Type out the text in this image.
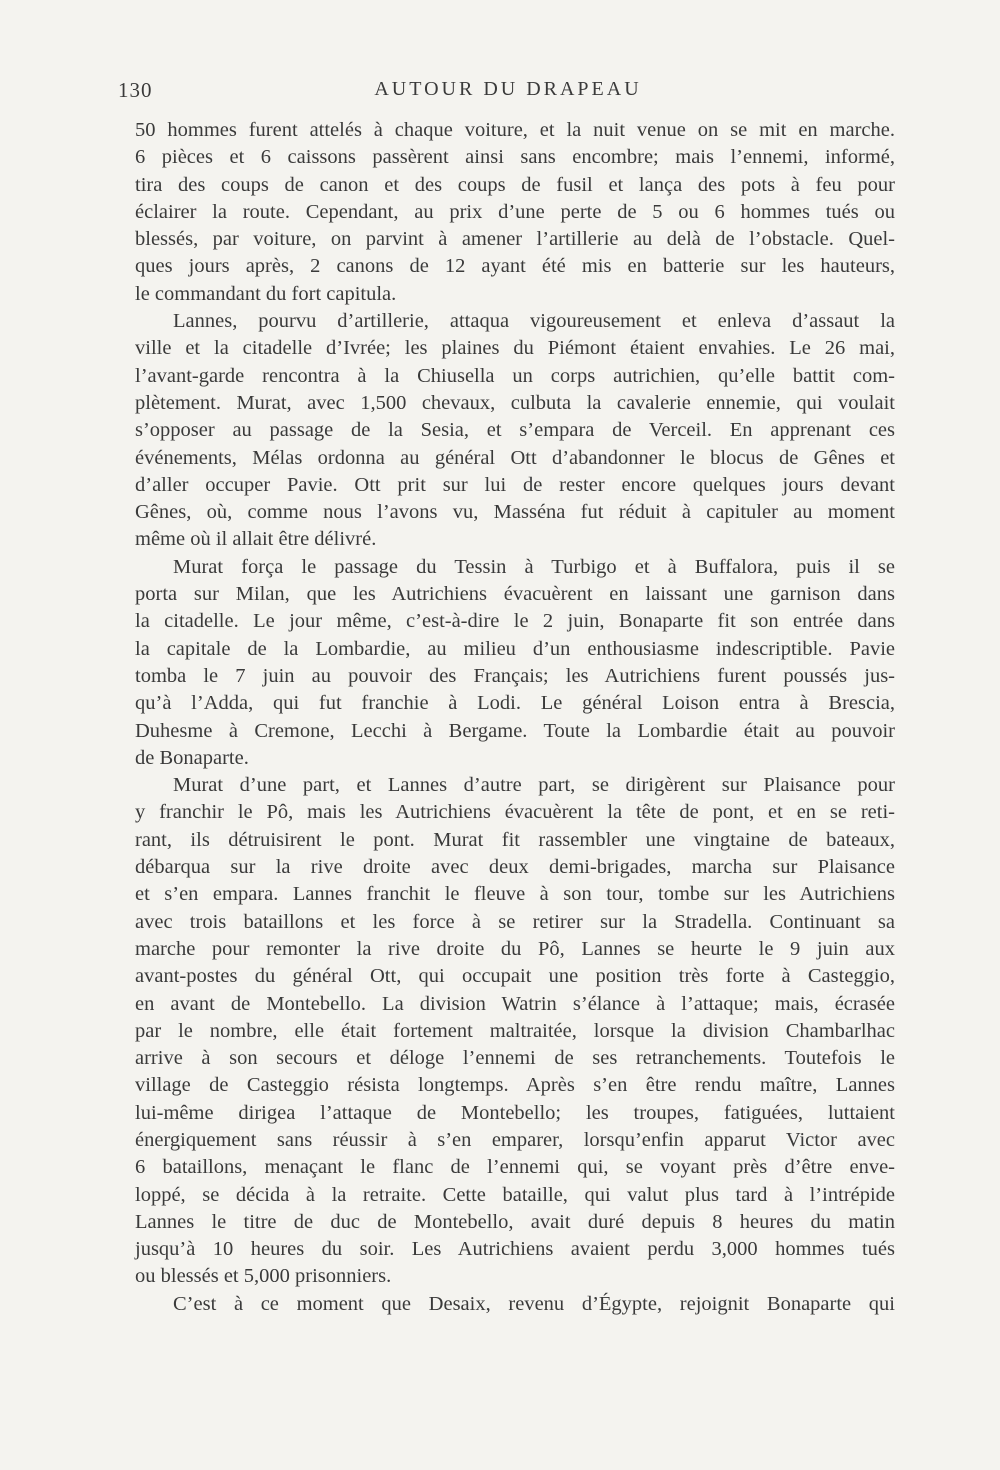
130	AUTOUR DU DRAPEAU
50 hommes furent attelés à chaque voiture, et la nuit venue on se mit en marche.
6 pièces et 6 caissons passèrent ainsi sans encombre; mais l’ennemi, informé,
tira des coups de canon et des coups de fusil et lança des pots à feu pour
éclairer la route. Cependant, au prix d’une perte de 5 ou 6 hommes tués ou
blessés, par voiture, on parvint à amener l’artillerie au delà de l’obstacle. Quel-
ques jours après, 2 canons de 12 ayant été mis en batterie sur les hauteurs,
le commandant du fort capitula.
Lannes, pourvu d’artillerie, attaqua vigoureusement et enleva d’assaut la
ville et la citadelle d’Ivrée; les plaines du Piémont étaient envahies. Le 26 mai,
l’avant-garde rencontra à la Chiusella un corps autrichien, qu’elle battit com-
plètement. Murat, avec 1,500 chevaux, culbuta la cavalerie ennemie, qui voulait
s’opposer au passage de la Sesia, et s’empara de Verceil. En apprenant ces
événements, Mélas ordonna au général Ott d’abandonner le blocus de Gênes et
d’aller occuper Pavie. Ott prit sur lui de rester encore quelques jours devant
Gênes, où, comme nous l’avons vu, Masséna fut réduit à capituler au moment
même où il allait être délivré.
Murat força le passage du Tessin à Turbigo et à Buffalora, puis il se
porta sur Milan, que les Autrichiens évacuèrent en laissant une garnison dans
la citadelle. Le jour même, c’est-à-dire le 2 juin, Bonaparte fit son entrée dans
la capitale de la Lombardie, au milieu d’un enthousiasme indescriptible. Pavie
tomba le 7 juin au pouvoir des Français; les Autrichiens furent poussés jus-
qu’à l’Adda, qui fut franchie à Lodi. Le général Loison entra à Brescia,
Duhesme à Cremone, Lecchi à Bergame. Toute la Lombardie était au pouvoir
de Bonaparte.
Murat d’une part, et Lannes d’autre part, se dirigèrent sur Plaisance pour
y franchir le Pô, mais les Autrichiens évacuèrent la tête de pont, et en se reti-
rant, ils détruisirent le pont. Murat fit rassembler une vingtaine de bateaux,
débarqua sur la rive droite avec deux demi-brigades, marcha sur Plaisance
et s’en empara. Lannes franchit le fleuve à son tour, tombe sur les Autrichiens
avec trois bataillons et les force à se retirer sur la Stradella. Continuant sa
marche pour remonter la rive droite du Pô, Lannes se heurte le 9 juin aux
avant-postes du général Ott, qui occupait une position très forte à Casteggio,
en avant de Montebello. La division Watrin s’élance à l’attaque; mais, écrasée
par le nombre, elle était fortement maltraitée, lorsque la division Chambarlhac
arrive à son secours et déloge l’ennemi de ses retranchements. Toutefois le
village de Casteggio résista longtemps. Après s’en être rendu maître, Lannes
lui-même dirigea l’attaque de Montebello; les troupes, fatiguées, luttaient
énergiquement sans réussir à s’en emparer, lorsqu’enfin apparut Victor avec
6 bataillons, menaçant le flanc de l’ennemi qui, se voyant près d’être enve-
loppé, se décida à la retraite. Cette bataille, qui valut plus tard à l’intrépide
Lannes le titre de duc de Montebello, avait duré depuis 8 heures du matin
jusqu’à 10 heures du soir. Les Autrichiens avaient perdu 3,000 hommes tués
ou blessés et 5,000 prisonniers.
C’est à ce moment que Desaix, revenu d’Égypte, rejoignit Bonaparte qui
